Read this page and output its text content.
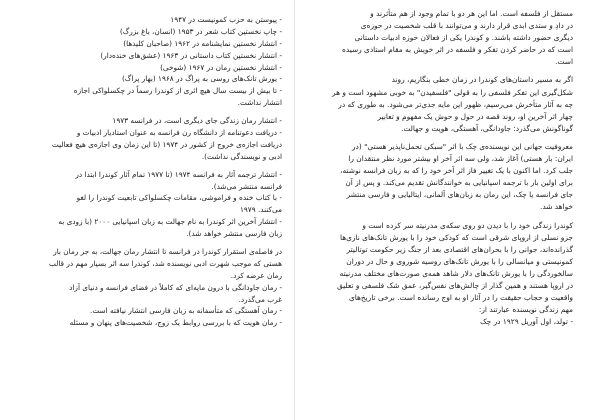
- پیوستن به حزب کمونیست در ۱۹۴۷
- چاپ نخستین کتاب شعر در ۱۹۵۳ (انسان، باغ بزرگ)
- انتشار نخستین نمایشنامه در ۱۹۶۲ (صاحبان کلیدها)
- انتشار نخستین کتاب داستانی در ۱۹۶۳ (عشق‌های خنده‌دار)
- انتشار نخستین رمان در ۱۹۶۷ (شوخی)
- یورش تانک‌های روسی به پراگ در ۱۹۶۸ (بهار پراگ)
- تا بیش از بیست سال هیچ اثری از کوندرا رسماً در چکسلواکی اجازه
انتشار نداشت.
- انتشار رمان زندگی جای دیگری است، در فرانسه ۱۹۷۳
- دریافت دعوتنامه از دانشگاه رن فرانسه به عنوان استادیار ادبیات و
دریافت اجازه‌ی خروج از کشور در ۱۹۷۴ (تا این زمان وی اجازه‌ی هیچ فعالیت
ادبی و نویسندگی نداشت).
- انتشار ترجمه آثار به فرانسه ۱۹۷۴ (تا ۱۹۷۷ تمام آثار کوندرا ابتدا در
فرانسه منتشر می‌شد).
- با کتاب خنده و فراموشی، مقامات چکسلواکی تابعیت کوندرا را لغو
می‌کنند. ۱۹۷۹
- انتشار آخرین اثر کوندرا به نام جهالت به زبان اسپانیایی ۲۰۰۰ (با زودی به
زبان فارسی منتشر خواهد شد).
در فاصله‌ی استقرار کوندرا در فرانسه تا انتشار رمان جهالت، به جز رمان بار
هستی که موجب شهرت ادبی نویسنده شد، کوندرا سه اثر بسیار مهم در قالب
رمان عرضه کرد.
- رمان جاودانگی با درون مایه‌ای که کاملاً در فضای فرانسه و دنیای آزاد
غرب می‌گذرد.
- رمان آهستگی که متأسفانه به زبان فارسی انتشار نیافته است.
- رمان هویت که با بررسی روابط یک زوج، شخصیت‌های پنهان و مسئله
مستقل از فلسفه است. اما این هر دو با تمام وجود از هم متأثرند و
در دادِ و ستدی ابدی قرار دارند و می‌توانند با قلب شخصیت در حوزه‌ی
دیگری حضور داشته باشند. و کوندرا یکی از فعالان حوزه ادبیات داستانی
است که در حاضر کردن تفکر و فلسفه در اثر خویش به مقام استادی رسیده
است.
اگر به مسیر داستان‌های کوندرا در زمان خطی بنگاریم، روند
شکل‌گیری این تفکر فلسفی را به قولی "فلسفیدن" به خوبی مشهود است و هر
چه به آثار متأخرش می‌رسیم، ظهور این مایه جدی‌تر می‌شود. به طوری که در
چهار اثر آخرین او، روند قصه در حول و حوش یک مفهوم و تعابیر
گوناگونش می‌گذرد: جاودانگی، آهستگی، هویت و جهالت.
معروفیت جهانی این نویسنده‌ی چک با اثر "سبکی تحمل‌ناپذیر هستی" (در
ایران: بار هستی) آغاز شد، ولی سه اثر آخر او بیشتر مورد نظر منتقدان را
جلب کرد. اما اکنون با یک تغییر فاز اثر آخر خود را که به زبان فرانسه نوشته،
برای اولین بار با ترجمه اسپانیایی به خوانندگانش تقدیم می‌کند. و پس از آن
جای فرانسه یا چک، این رمان به زبان‌های آلمانی، ایتالیایی و فارسی منتشر
خواهد شد.
کوندرا زندگی خود را با دیدن دو روی سکه‌ی مدرنیته سر کرده است و
جزو نسلی از اروپای شرقی است که کودکی خود را با یورش تانک‌های نازی‌ها
گذرانده‌اند، جوانی را با بحران‌های اقتصادی بعد از جنگ زیر حکومت توتالیتر
کمونیستی و میانسالی را با یورش تانک‌های روسیه شوروی و حال در دوران
سالخوردگی را با یورش تانک‌های دلار شاهد همه‌ی صورت‌های مختلف مدرنیته
در اروپا هستند و همین گذار از چالش‌های نفس‌گیر، عمق شک فلسفی و تعلیق
واقعیت و حجاب حقیقت را در آثار او به اوج رسانده است. برخی تاریخ‌های
مهم زندگی نویسنده عبارتند از:
- تولد، اول آوریل ۱۹۲۹ در چک
